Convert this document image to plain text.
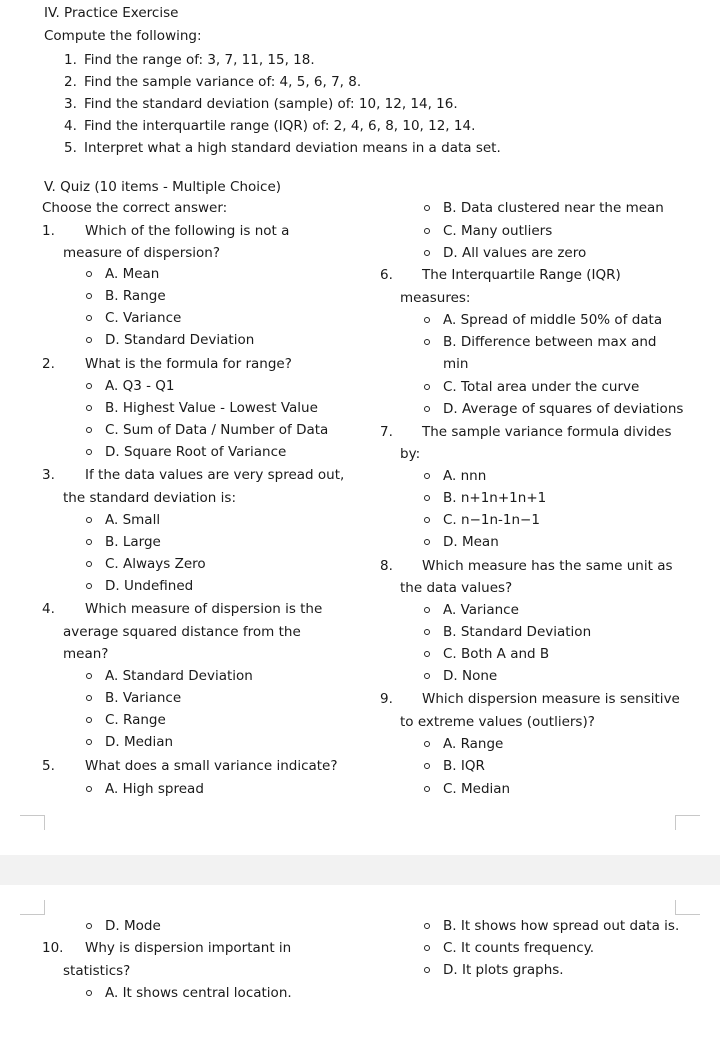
IV. Practice Exercise
Compute the following:
1. Find the range of: 3, 7, 11, 15, 18.
2. Find the sample variance of: 4, 5, 6, 7, 8.
3. Find the standard deviation (sample) of: 10, 12, 14, 16.
4. Find the interquartile range (IQR) of: 2, 4, 6, 8, 10, 12, 14.
5. Interpret what a high standard deviation means in a data set.
V. Quiz (10 items - Multiple Choice)
Choose the correct answer:
1. Which of the following is not a
measure of dispersion?
A. Mean
B. Range
C. Variance
D. Standard Deviation
2. What is the formula for range?
A. Q3 - Q1
B. Highest Value - Lowest Value
C. Sum of Data / Number of Data
D. Square Root of Variance
3. If the data values are very spread out,
the standard deviation is:
A. Small
B. Large
C. Always Zero
D. Undefined
4. Which measure of dispersion is the
average squared distance from the
mean?
A. Standard Deviation
B. Variance
C. Range
D. Median
5. What does a small variance indicate?
A. High spread
B. Data clustered near the mean
C. Many outliers
D. All values are zero
6. The Interquartile Range (IQR)
measures:
A. Spread of middle 50% of data
B. Difference between max and
min
C. Total area under the curve
D. Average of squares of deviations
7. The sample variance formula divides
by:
A. nnn
B. n+1n+1n+1
C. n−1n-1n−1
D. Mean
8. Which measure has the same unit as
the data values?
A. Variance
B. Standard Deviation
C. Both A and B
D. None
9. Which dispersion measure is sensitive
to extreme values (outliers)?
A. Range
B. IQR
C. Median
D. Mode
10. Why is dispersion important in
statistics?
A. It shows central location.
B. It shows how spread out data is.
C. It counts frequency.
D. It plots graphs.
